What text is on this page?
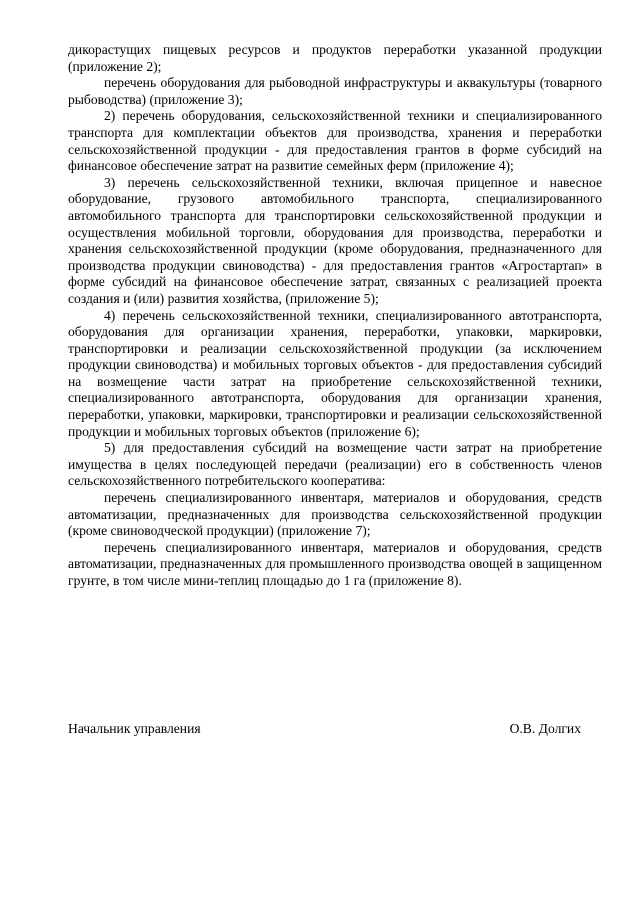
дикорастущих пищевых ресурсов и продуктов переработки указанной продукции (приложение 2);

перечень оборудования для рыбоводной инфраструктуры и аквакультуры (товарного рыбоводства) (приложение 3);

2) перечень оборудования, сельскохозяйственной техники и специализированного транспорта для комплектации объектов для производства, хранения и переработки сельскохозяйственной продукции - для предоставления грантов в форме субсидий на финансовое обеспечение затрат на развитие семейных ферм (приложение 4);

3) перечень сельскохозяйственной техники, включая прицепное и навесное оборудование, грузового автомобильного транспорта, специализированного автомобильного транспорта для транспортировки сельскохозяйственной продукции и осуществления мобильной торговли, оборудования для производства, переработки и хранения сельскохозяйственной продукции (кроме оборудования, предназначенного для производства продукции свиноводства) - для предоставления грантов «Агростартап» в форме субсидий на финансовое обеспечение затрат, связанных с реализацией проекта создания и (или) развития хозяйства, (приложение 5);

4) перечень сельскохозяйственной техники, специализированного автотранспорта, оборудования для организации хранения, переработки, упаковки, маркировки, транспортировки и реализации сельскохозяйственной продукции (за исключением продукции свиноводства) и мобильных торговых объектов - для предоставления субсидий на возмещение части затрат на приобретение сельскохозяйственной техники, специализированного автотранспорта, оборудования для организации хранения, переработки, упаковки, маркировки, транспортировки и реализации сельскохозяйственной продукции и мобильных торговых объектов (приложение 6);

5) для предоставления субсидий на возмещение части затрат на приобретение имущества в целях последующей передачи (реализации) его в собственность членов сельскохозяйственного потребительского кооператива:

перечень специализированного инвентаря, материалов и оборудования, средств автоматизации, предназначенных для производства сельскохозяйственной продукции (кроме свиноводческой продукции) (приложение 7);

перечень специализированного инвентаря, материалов и оборудования, средств автоматизации, предназначенных для промышленного производства овощей в защищенном грунте, в том числе мини-теплиц площадью до 1 га (приложение 8).

Начальник управления	О.В. Долгих
